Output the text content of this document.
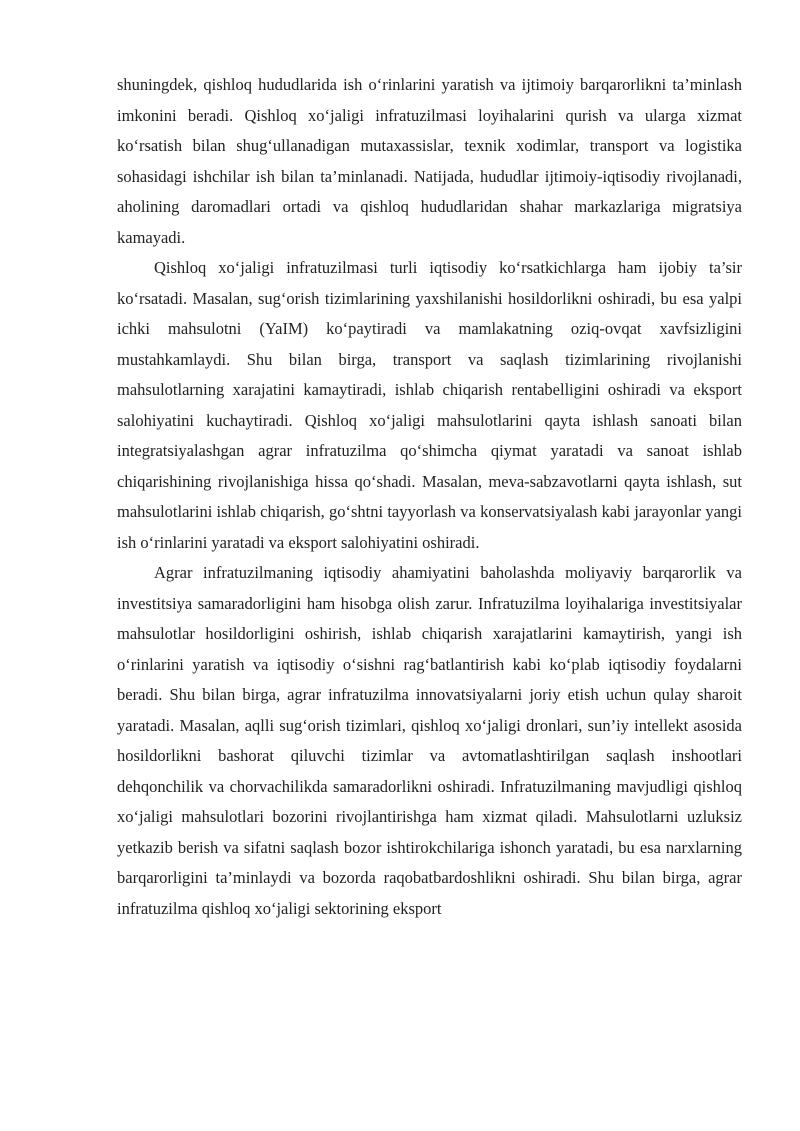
shuningdek, qishloq hududlarida ish o‘rinlarini yaratish va ijtimoiy barqarorlikni ta’minlash imkonini beradi. Qishloq xo‘jaligi infratuzilmasi loyihalarini qurish va ularga xizmat ko‘rsatish bilan shug‘ullanadigan mutaxassislar, texnik xodimlar, transport va logistika sohasidagi ishchilar ish bilan ta’minlanadi. Natijada, hududlar ijtimoiy-iqtisodiy rivojlanadi, aholining daromadlari ortadi va qishloq hududlaridan shahar markazlariga migratsiya kamayadi.

Qishloq xo‘jaligi infratuzilmasi turli iqtisodiy ko‘rsatkichlarga ham ijobiy ta’sir ko‘rsatadi. Masalan, sug‘orish tizimlarining yaxshilanishi hosildorlikni oshiradi, bu esa yalpi ichki mahsulotni (YaIM) ko‘paytiradi va mamlakatning oziq-ovqat xavfsizligini mustahkamlaydi. Shu bilan birga, transport va saqlash tizimlarining rivojlanishi mahsulotlarning xarajatini kamaytiradi, ishlab chiqarish rentabelligini oshiradi va eksport salohiyatini kuchaytiradi. Qishloq xo‘jaligi mahsulotlarini qayta ishlash sanoati bilan integratsiyalashgan agrar infratuzilma qo‘shimcha qiymat yaratadi va sanoat ishlab chiqarishining rivojlanishiga hissa qo‘shadi. Masalan, meva-sabzavotlarni qayta ishlash, sut mahsulotlarini ishlab chiqarish, go‘shtni tayyorlash va konservatsiyalash kabi jarayonlar yangi ish o‘rinlarini yaratadi va eksport salohiyatini oshiradi.

Agrar infratuzilmaning iqtisodiy ahamiyatini baholashda moliyaviy barqarorlik va investitsiya samaradorligini ham hisobga olish zarur. Infratuzilma loyihalariga investitsiyalar mahsulotlar hosildorligini oshirish, ishlab chiqarish xarajatlarini kamaytirish, yangi ish o‘rinlarini yaratish va iqtisodiy o‘sishni rag‘batlantirish kabi ko‘plab iqtisodiy foydalarni beradi. Shu bilan birga, agrar infratuzilma innovatsiyalarni joriy etish uchun qulay sharoit yaratadi. Masalan, aqlli sug‘orish tizimlari, qishloq xo‘jaligi dronlari, sun’iy intellekt asosida hosildorlikni bashorat qiluvchi tizimlar va avtomatlashtirilgan saqlash inshootlari dehqonchilik va chorvachilikda samaradorlikni oshiradi. Infratuzilmaning mavjudligi qishloq xo‘jaligi mahsulotlari bozorini rivojlantirishga ham xizmat qiladi. Mahsulotlarni uzluksiz yetkazib berish va sifatni saqlash bozor ishtirokchilariga ishonch yaratadi, bu esa narxlarning barqarorligini ta’minlaydi va bozorda raqobatbardoshlikni oshiradi. Shu bilan birga, agrar infratuzilma qishloq xo‘jaligi sektorining eksport
